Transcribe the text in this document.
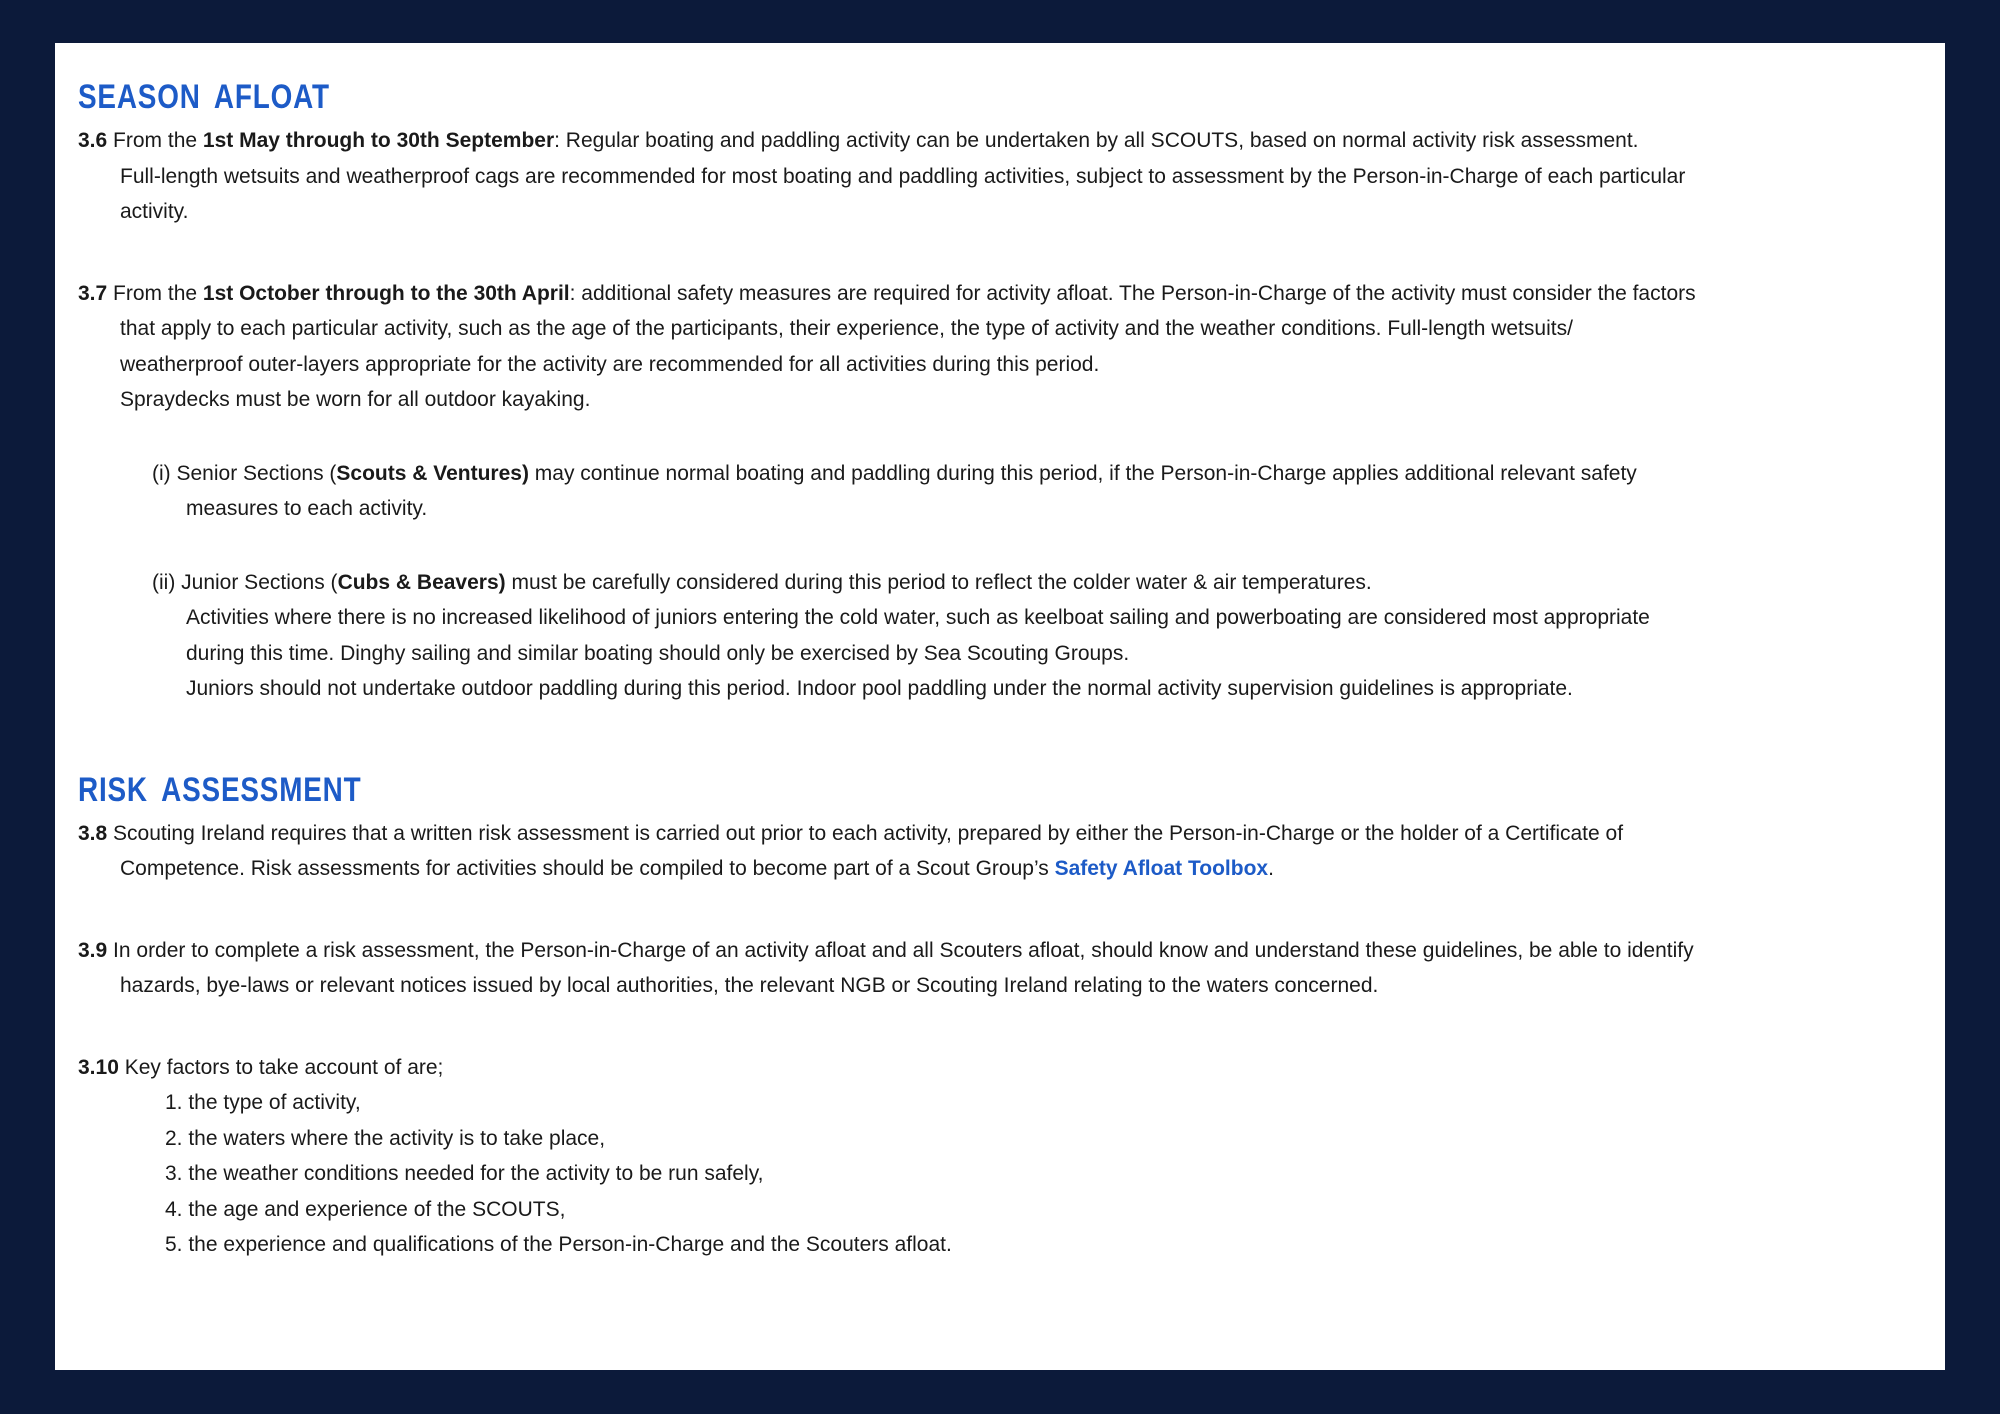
SEASON AFLOAT
3.6 From the 1st May through to 30th September: Regular boating and paddling activity can be undertaken by all SCOUTS, based on normal activity risk assessment.
Full-length wetsuits and weatherproof cags are recommended for most boating and paddling activities, subject to assessment by the Person-in-Charge of each particular
activity.
3.7 From the 1st October through to the 30th April: additional safety measures are required for activity afloat. The Person-in-Charge of the activity must consider the factors
that apply to each particular activity, such as the age of the participants, their experience, the type of activity and the weather conditions. Full-length wetsuits/
weatherproof outer-layers appropriate for the activity are recommended for all activities during this period.
Spraydecks must be worn for all outdoor kayaking.
(i) Senior Sections (Scouts & Ventures) may continue normal boating and paddling during this period, if the Person-in-Charge applies additional relevant safety
measures to each activity.
(ii) Junior Sections (Cubs & Beavers) must be carefully considered during this period to reflect the colder water & air temperatures.
Activities where there is no increased likelihood of juniors entering the cold water, such as keelboat sailing and powerboating are considered most appropriate
during this time. Dinghy sailing and similar boating should only be exercised by Sea Scouting Groups.
Juniors should not undertake outdoor paddling during this period. Indoor pool paddling under the normal activity supervision guidelines is appropriate.
RISK ASSESSMENT
3.8 Scouting Ireland requires that a written risk assessment is carried out prior to each activity, prepared by either the Person-in-Charge or the holder of a Certificate of
Competence. Risk assessments for activities should be compiled to become part of a Scout Group’s Safety Afloat Toolbox.
3.9 In order to complete a risk assessment, the Person-in-Charge of an activity afloat and all Scouters afloat, should know and understand these guidelines, be able to identify
hazards, bye-laws or relevant notices issued by local authorities, the relevant NGB or Scouting Ireland relating to the waters concerned.
3.10 Key factors to take account of are;
1. the type of activity,
2. the waters where the activity is to take place,
3. the weather conditions needed for the activity to be run safely,
4. the age and experience of the SCOUTS,
5. the experience and qualifications of the Person-in-Charge and the Scouters afloat.
